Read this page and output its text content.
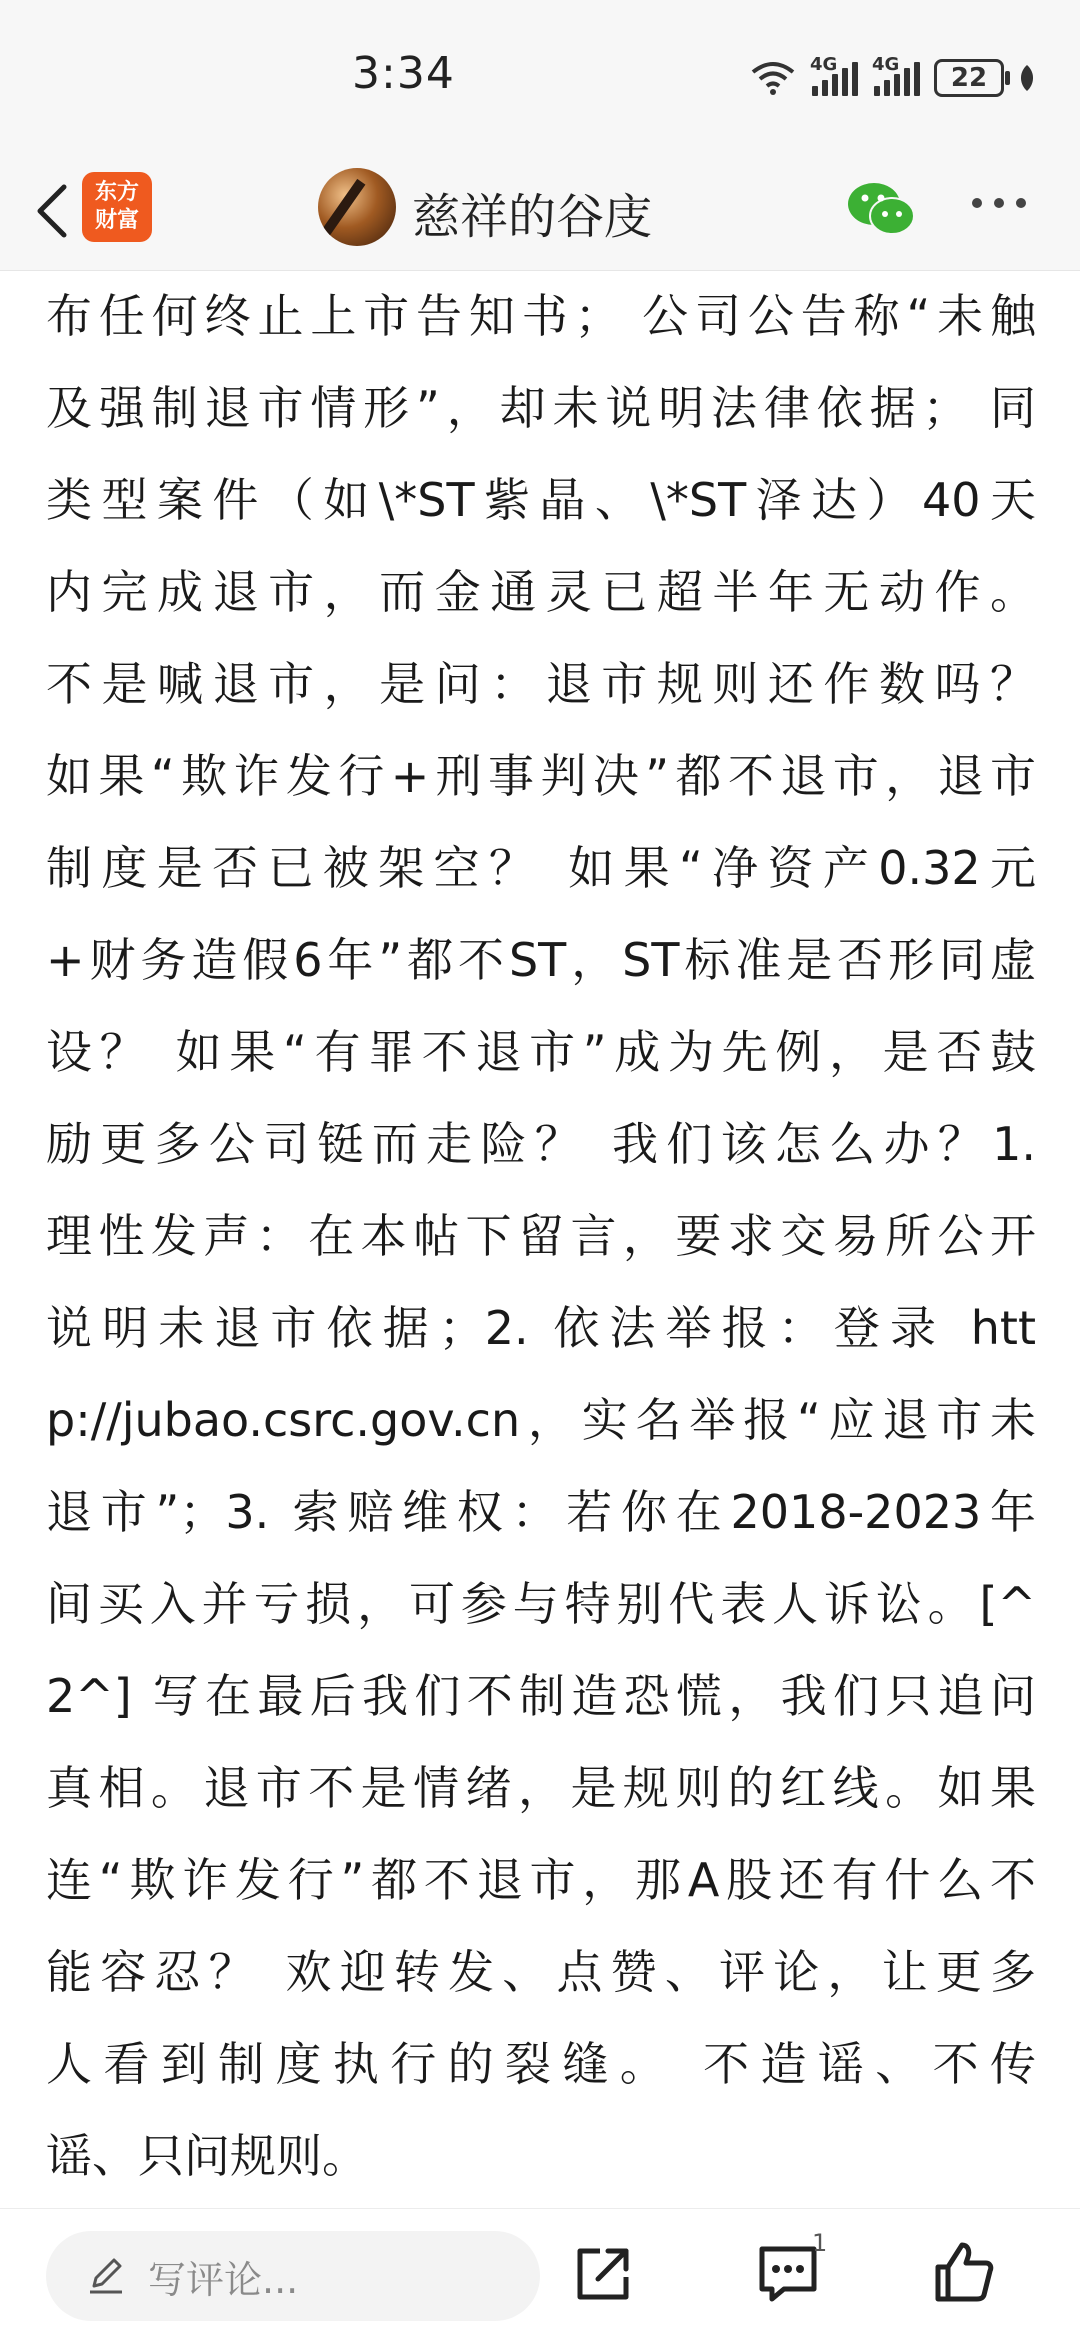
3:34	4G 4G 22
东方
财富	慈祥的谷庋
布任何终止上市告知书； 公司公告称“未触
及强制退市情形”，却未说明法律依据； 同
类型案件（如\*ST紫晶、\*ST泽达）40天
内完成退市，而金通灵已超半年无动作。
不是喊退市，是问：退市规则还作数吗？
如果“欺诈发行+刑事判决”都不退市，退市
制度是否已被架空？ 如果“净资产0.32元
+财务造假6年”都不ST，ST标准是否形同虚
设？ 如果“有罪不退市”成为先例，是否鼓
励更多公司铤而走险？ 我们该怎么办？1.
理性发声：在本帖下留言，要求交易所公开
说明未退市依据；2. 依法举报：登录 htt
p://jubao.csrc.gov.cn，实名举报“应退市未
退市”；3. 索赔维权：若你在2018-2023年
间买入并亏损，可参与特别代表人诉讼。[^
2^] 写在最后我们不制造恐慌，我们只追问
真相。退市不是情绪，是规则的红线。如果
连“欺诈发行”都不退市，那A股还有什么不
能容忍？ 欢迎转发、点赞、评论，让更多
人看到制度执行的裂缝。 不造谣、不传
谣、只问规则。
写评论...
1
